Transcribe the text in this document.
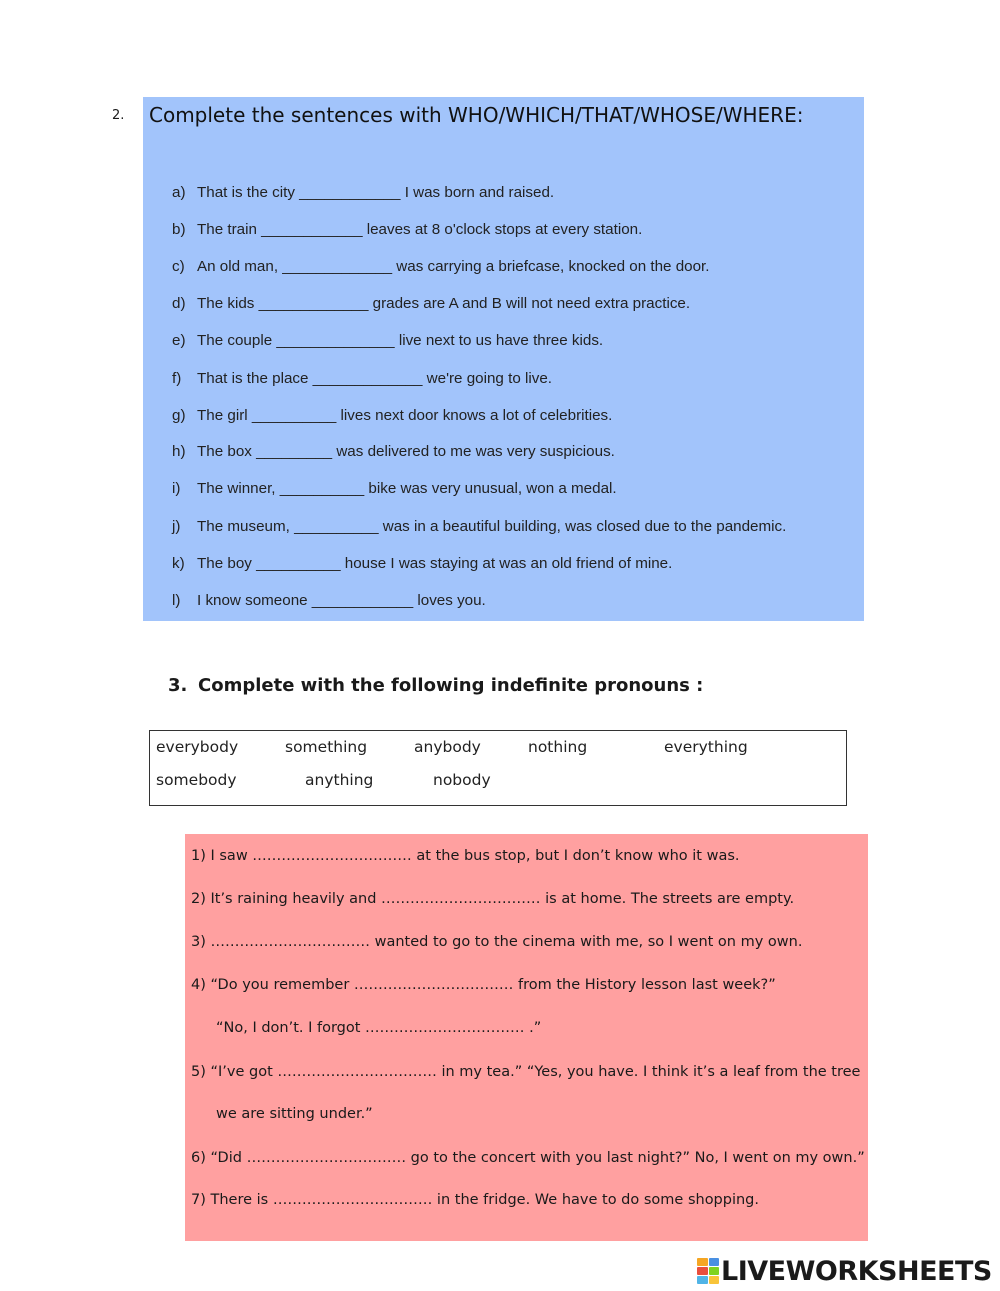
2. Complete the sentences with WHO/WHICH/THAT/WHOSE/WHERE:
a) That is the city ____________ I was born and raised.
b) The train ____________ leaves at 8 o'clock stops at every station.
c) An old man, _____________ was carrying a briefcase, knocked on the door.
d) The kids _____________ grades are A and B will not need extra practice.
e) The couple ______________ live next to us have three kids.
f) That is the place _____________ we're going to live.
g) The girl __________ lives next door knows a lot of celebrities.
h) The box _________ was delivered to me was very suspicious.
i) The winner, __________ bike was very unusual, won a medal.
j) The museum, __________ was in a beautiful building, was closed due to the pandemic.
k) The boy __________ house I was staying at was an old friend of mine.
l) I know someone ____________ loves you.
3. Complete with the following indefinite pronouns :
everybody	something	anybody	nothing	everything
somebody	anything	nobody
1) I saw …………………………… at the bus stop, but I don’t know who it was.
2) It’s raining heavily and …………………………… is at home. The streets are empty.
3) …………………………… wanted to go to the cinema with me, so I went on my own.
4) “Do you remember …………………………… from the History lesson last week?”
“No, I don’t. I forgot …………………………… .”
5) “I’ve got …………………………… in my tea.” “Yes, you have. I think it’s a leaf from the tree
we are sitting under.”
6) “Did …………………………… go to the concert with you last night?” No, I went on my own.”
7) There is …………………………… in the fridge. We have to do some shopping.
LIVEWORKSHEETS
